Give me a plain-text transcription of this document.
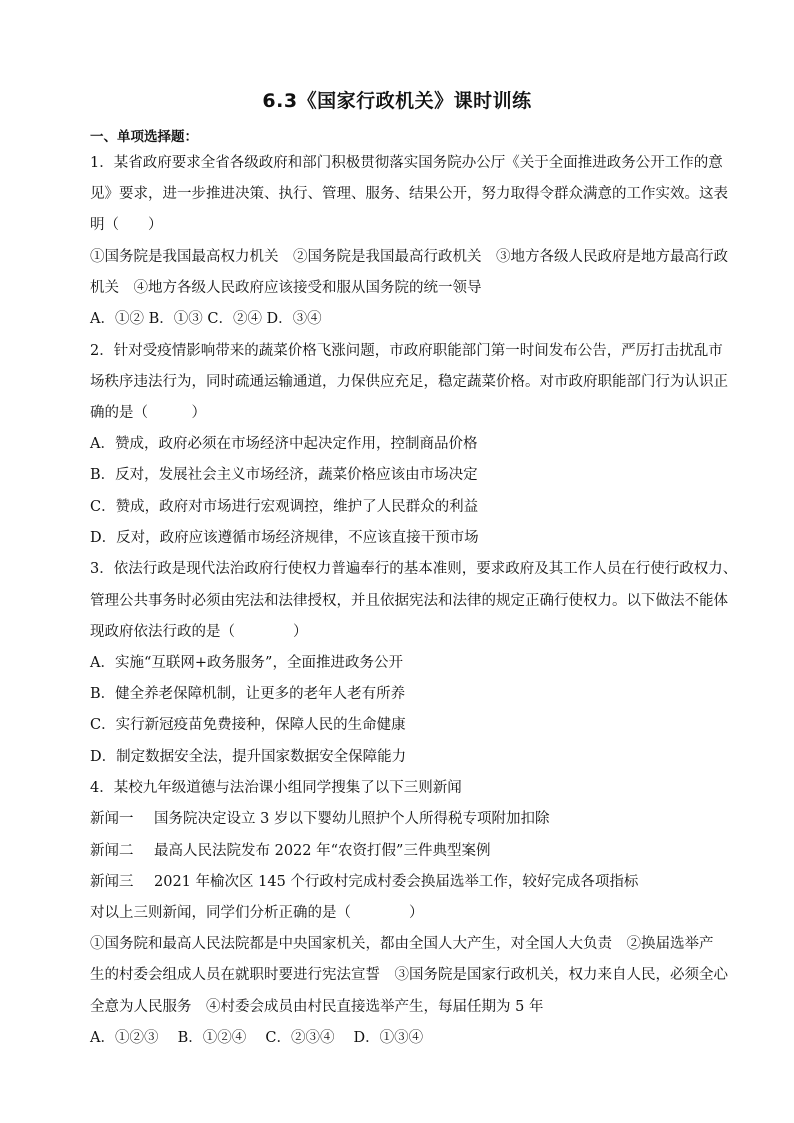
6.3《国家行政机关》课时训练
一、单项选择题：
1．某省政府要求全省各级政府和部门积极贯彻落实国务院办公厅《关于全面推进政务公开工作的意
见》要求，进一步推进决策、执行、管理、服务、结果公开，努力取得令群众满意的工作实效。这表
明（　　）
①国务院是我国最高权力机关　②国务院是我国最高行政机关　③地方各级人民政府是地方最高行政
机关　④地方各级人民政府应该接受和服从国务院的统一领导
A．①② B．①③ C．②④ D．③④
2．针对受疫情影响带来的蔬菜价格飞涨问题，市政府职能部门第一时间发布公告，严厉打击扰乱市
场秩序违法行为，同时疏通运输通道，力保供应充足，稳定蔬菜价格。对市政府职能部门行为认识正
确的是（　　　）
A．赞成，政府必须在市场经济中起决定作用，控制商品价格
B．反对，发展社会主义市场经济，蔬菜价格应该由市场决定
C．赞成，政府对市场进行宏观调控，维护了人民群众的利益
D．反对，政府应该遵循市场经济规律，不应该直接干预市场
3．依法行政是现代法治政府行使权力普遍奉行的基本准则，要求政府及其工作人员在行使行政权力、
管理公共事务时必须由宪法和法律授权，并且依据宪法和法律的规定正确行使权力。以下做法不能体
现政府依法行政的是（　　　　）
A．实施“互联网+政务服务”，全面推进政务公开
B．健全养老保障机制，让更多的老年人老有所养
C．实行新冠疫苗免费接种，保障人民的生命健康
D．制定数据安全法，提升国家数据安全保障能力
4．某校九年级道德与法治课小组同学搜集了以下三则新闻
新闻一 国务院决定设立 3 岁以下婴幼儿照护个人所得税专项附加扣除
新闻二 最高人民法院发布 2022 年“农资打假”三件典型案例
新闻三 2021 年榆次区 145 个行政村完成村委会换届选举工作，较好完成各项指标
对以上三则新闻，同学们分析正确的是（　　　　）
①国务院和最高人民法院都是中央国家机关，都由全国人大产生，对全国人大负责　②换届选举产
生的村委会组成人员在就职时要进行宪法宣誓　③国务院是国家行政机关，权力来自人民，必须全心
全意为人民服务　④村委会成员由村民直接选举产生，每届任期为 5 年
A．①②③　 B．①②④　 C．②③④　 D．①③④
